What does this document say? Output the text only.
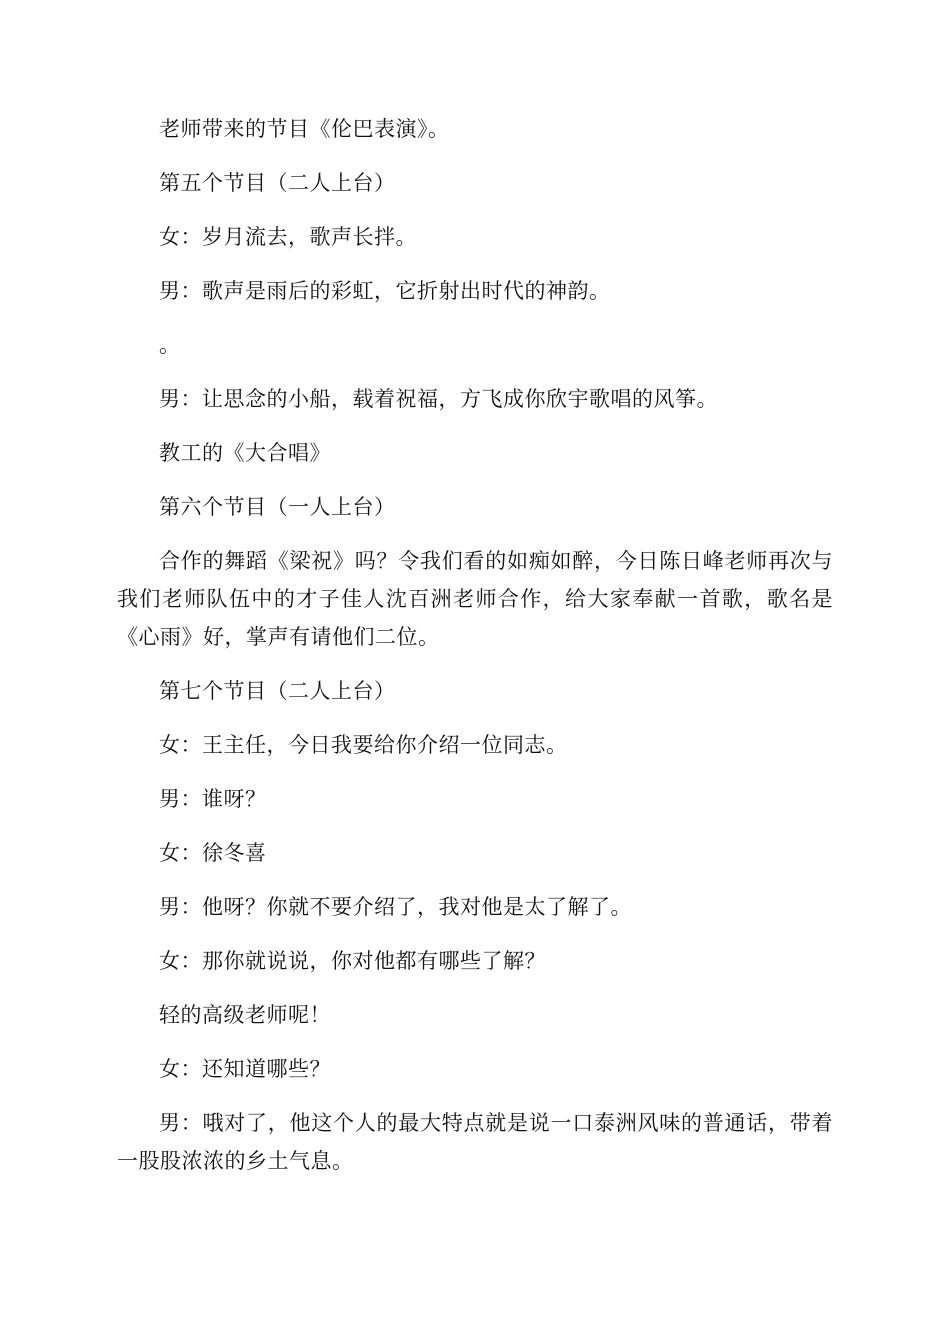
老师带来的节目《伦巴表演》。

第五个节目（二人上台）

女：岁月流去，歌声长拌。

男：歌声是雨后的彩虹，它折射出时代的神韵。

。

男：让思念的小船，载着祝福，方飞成你欣宇歌唱的风筝。

教工的《大合唱》

第六个节目（一人上台）

合作的舞蹈《梁祝》吗？令我们看的如痴如醉，今日陈日峰老师再次与我们老师队伍中的才子佳人沈百洲老师合作，给大家奉献一首歌，歌名是《心雨》好，掌声有请他们二位。

第七个节目（二人上台）

女：王主任，今日我要给你介绍一位同志。

男：谁呀？

女：徐冬喜

男：他呀？你就不要介绍了，我对他是太了解了。

女：那你就说说，你对他都有哪些了解？

轻的高级老师呢！

女：还知道哪些？

男：哦对了，他这个人的最大特点就是说一口泰洲风味的普通话，带着一股股浓浓的乡土气息。
